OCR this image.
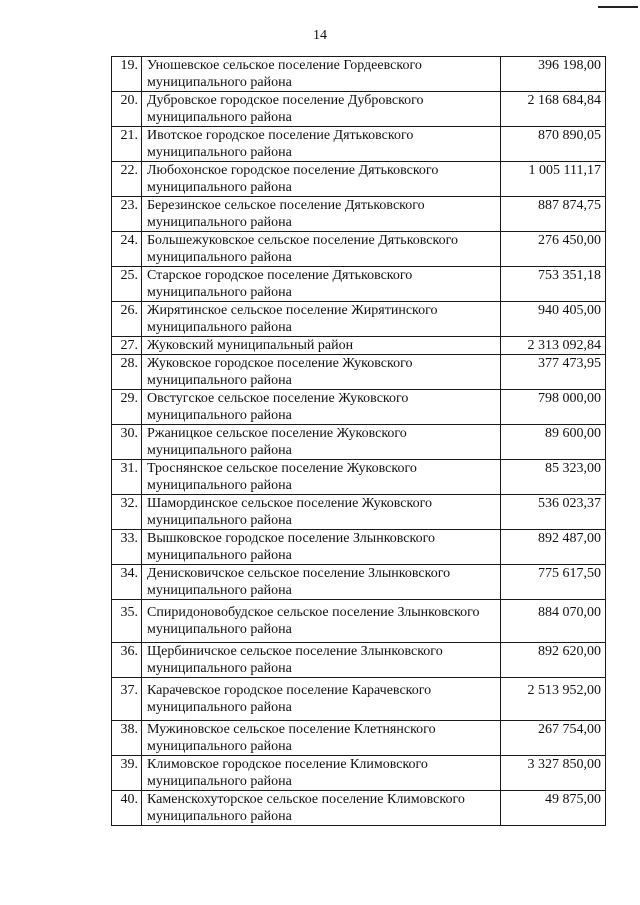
14
19.	Унoшевское сельское поселение Гордеевского муниципального района	396 198,00
20.	Дубровское городское поселение Дубровского муниципального района	2 168 684,84
21.	Ивотское городское поселение Дятьковского муниципального района	870 890,05
22.	Любохонское городское поселение Дятьковского муниципального района	1 005 111,17
23.	Березинское сельское поселение Дятьковского муниципального района	887 874,75
24.	Большежуковское сельское поселение Дятьковского муниципального района	276 450,00
25.	Старское городское поселение Дятьковского муниципального района	753 351,18
26.	Жирятинское сельское поселение Жирятинского муниципального района	940 405,00
27.	Жуковский муниципальный район	2 313 092,84
28.	Жуковское городское поселение Жуковского муниципального района	377 473,95
29.	Овстугское сельское поселение Жуковского муниципального района	798 000,00
30.	Ржаницкое сельское поселение Жуковского муниципального района	89 600,00
31.	Троснянское сельское поселение Жуковского муниципального района	85 323,00
32.	Шамординское сельское поселение Жуковского муниципального района	536 023,37
33.	Вышковское городское поселение Злынковского муниципального района	892 487,00
34.	Денисковичское сельское поселение Злынковского муниципального района	775 617,50
35.	Спиридоновобудское сельское поселение Злынковского муниципального района	884 070,00
36.	Щербиничское сельское поселение Злынковского муниципального района	892 620,00
37.	Карачевское городское поселение Карачевского муниципального района	2 513 952,00
38.	Мужиновское сельское поселение Клетнянского муниципального района	267 754,00
39.	Климовское городское поселение Климовского муниципального района	3 327 850,00
40.	Каменскохуторское сельское поселение Климовского муниципального района	49 875,00
